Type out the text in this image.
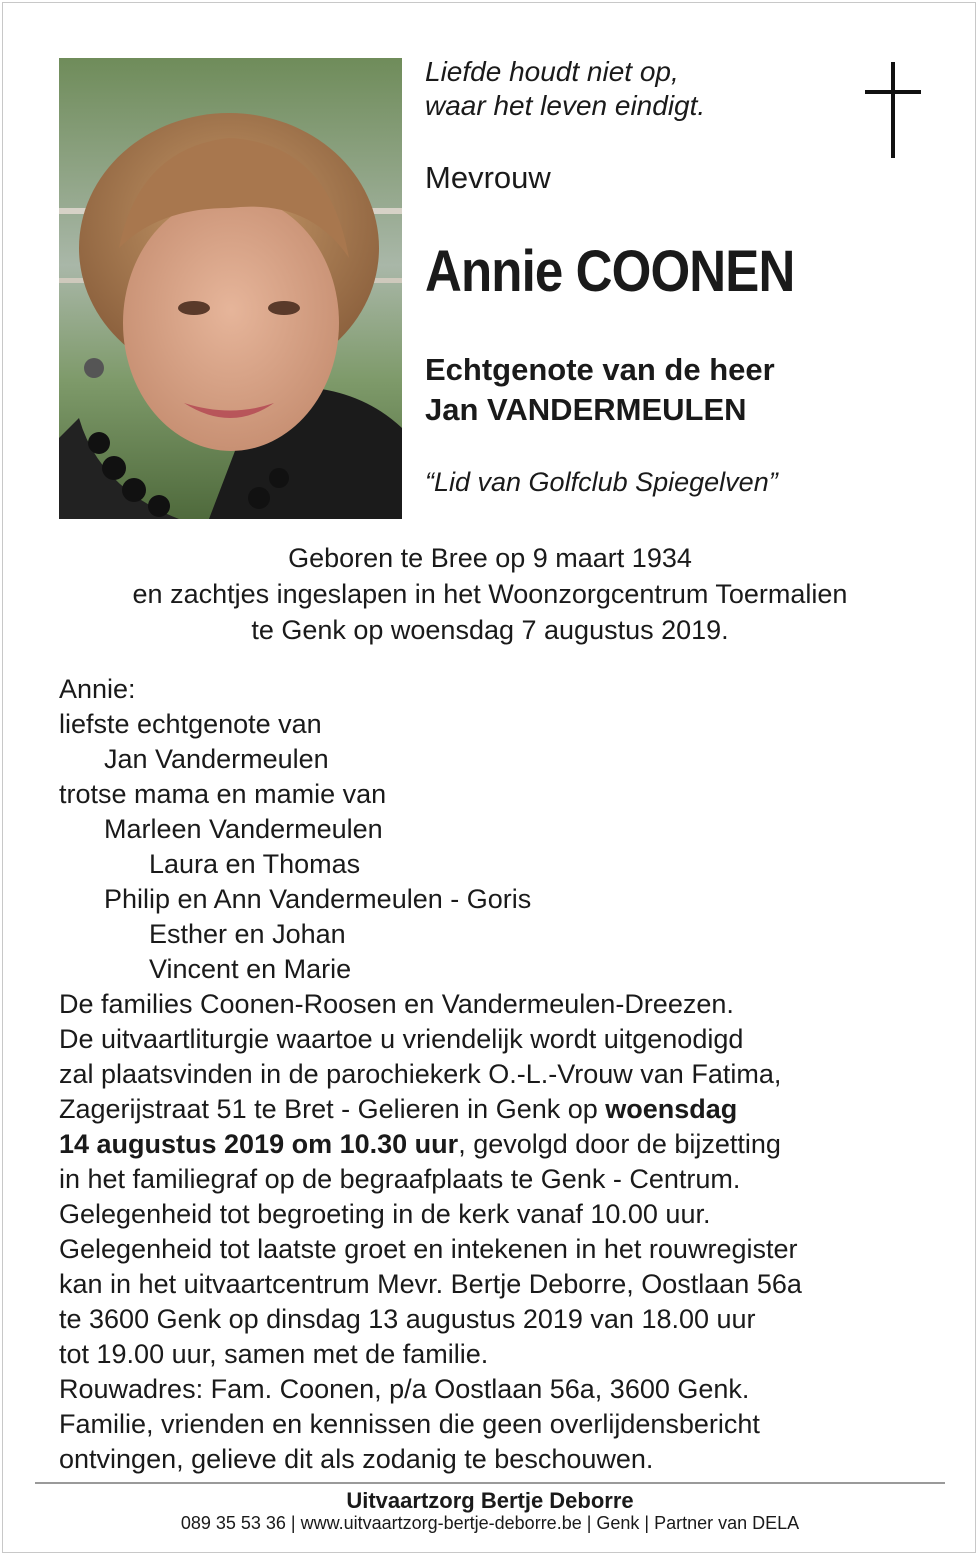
Liefde houdt niet op,
waar het leven eindigt.
Mevrouw
Annie COONEN
Echtgenote van de heer
Jan VANDERMEULEN
“Lid van Golfclub Spiegelven”
Geboren te Bree op 9 maart 1934
en zachtjes ingeslapen in het Woonzorgcentrum Toermalien
te Genk op woensdag 7 augustus 2019.
Annie:
liefste echtgenote van
Jan Vandermeulen
trotse mama en mamie van
Marleen Vandermeulen
Laura en Thomas
Philip en Ann Vandermeulen - Goris
Esther en Johan
Vincent en Marie
De families Coonen-Roosen en Vandermeulen-Dreezen.
De uitvaartliturgie waartoe u vriendelijk wordt uitgenodigd
zal plaatsvinden in de parochiekerk O.-L.-Vrouw van Fatima,
Zagerijstraat 51 te Bret - Gelieren in Genk op woensdag
14 augustus 2019 om 10.30 uur, gevolgd door de bijzetting
in het familiegraf op de begraafplaats te Genk - Centrum.
Gelegenheid tot begroeting in de kerk vanaf 10.00 uur.
Gelegenheid tot laatste groet en intekenen in het rouwregister
kan in het uitvaartcentrum Mevr. Bertje Deborre, Oostlaan 56a
te 3600 Genk op dinsdag 13 augustus 2019 van 18.00 uur
tot 19.00 uur, samen met de familie.
Rouwadres: Fam. Coonen, p/a Oostlaan 56a, 3600 Genk.
Familie, vrienden en kennissen die geen overlijdensbericht
ontvingen, gelieve dit als zodanig te beschouwen.
Uitvaartzorg Bertje Deborre
089 35 53 36 | www.uitvaartzorg-bertje-deborre.be | Genk | Partner van DELA
